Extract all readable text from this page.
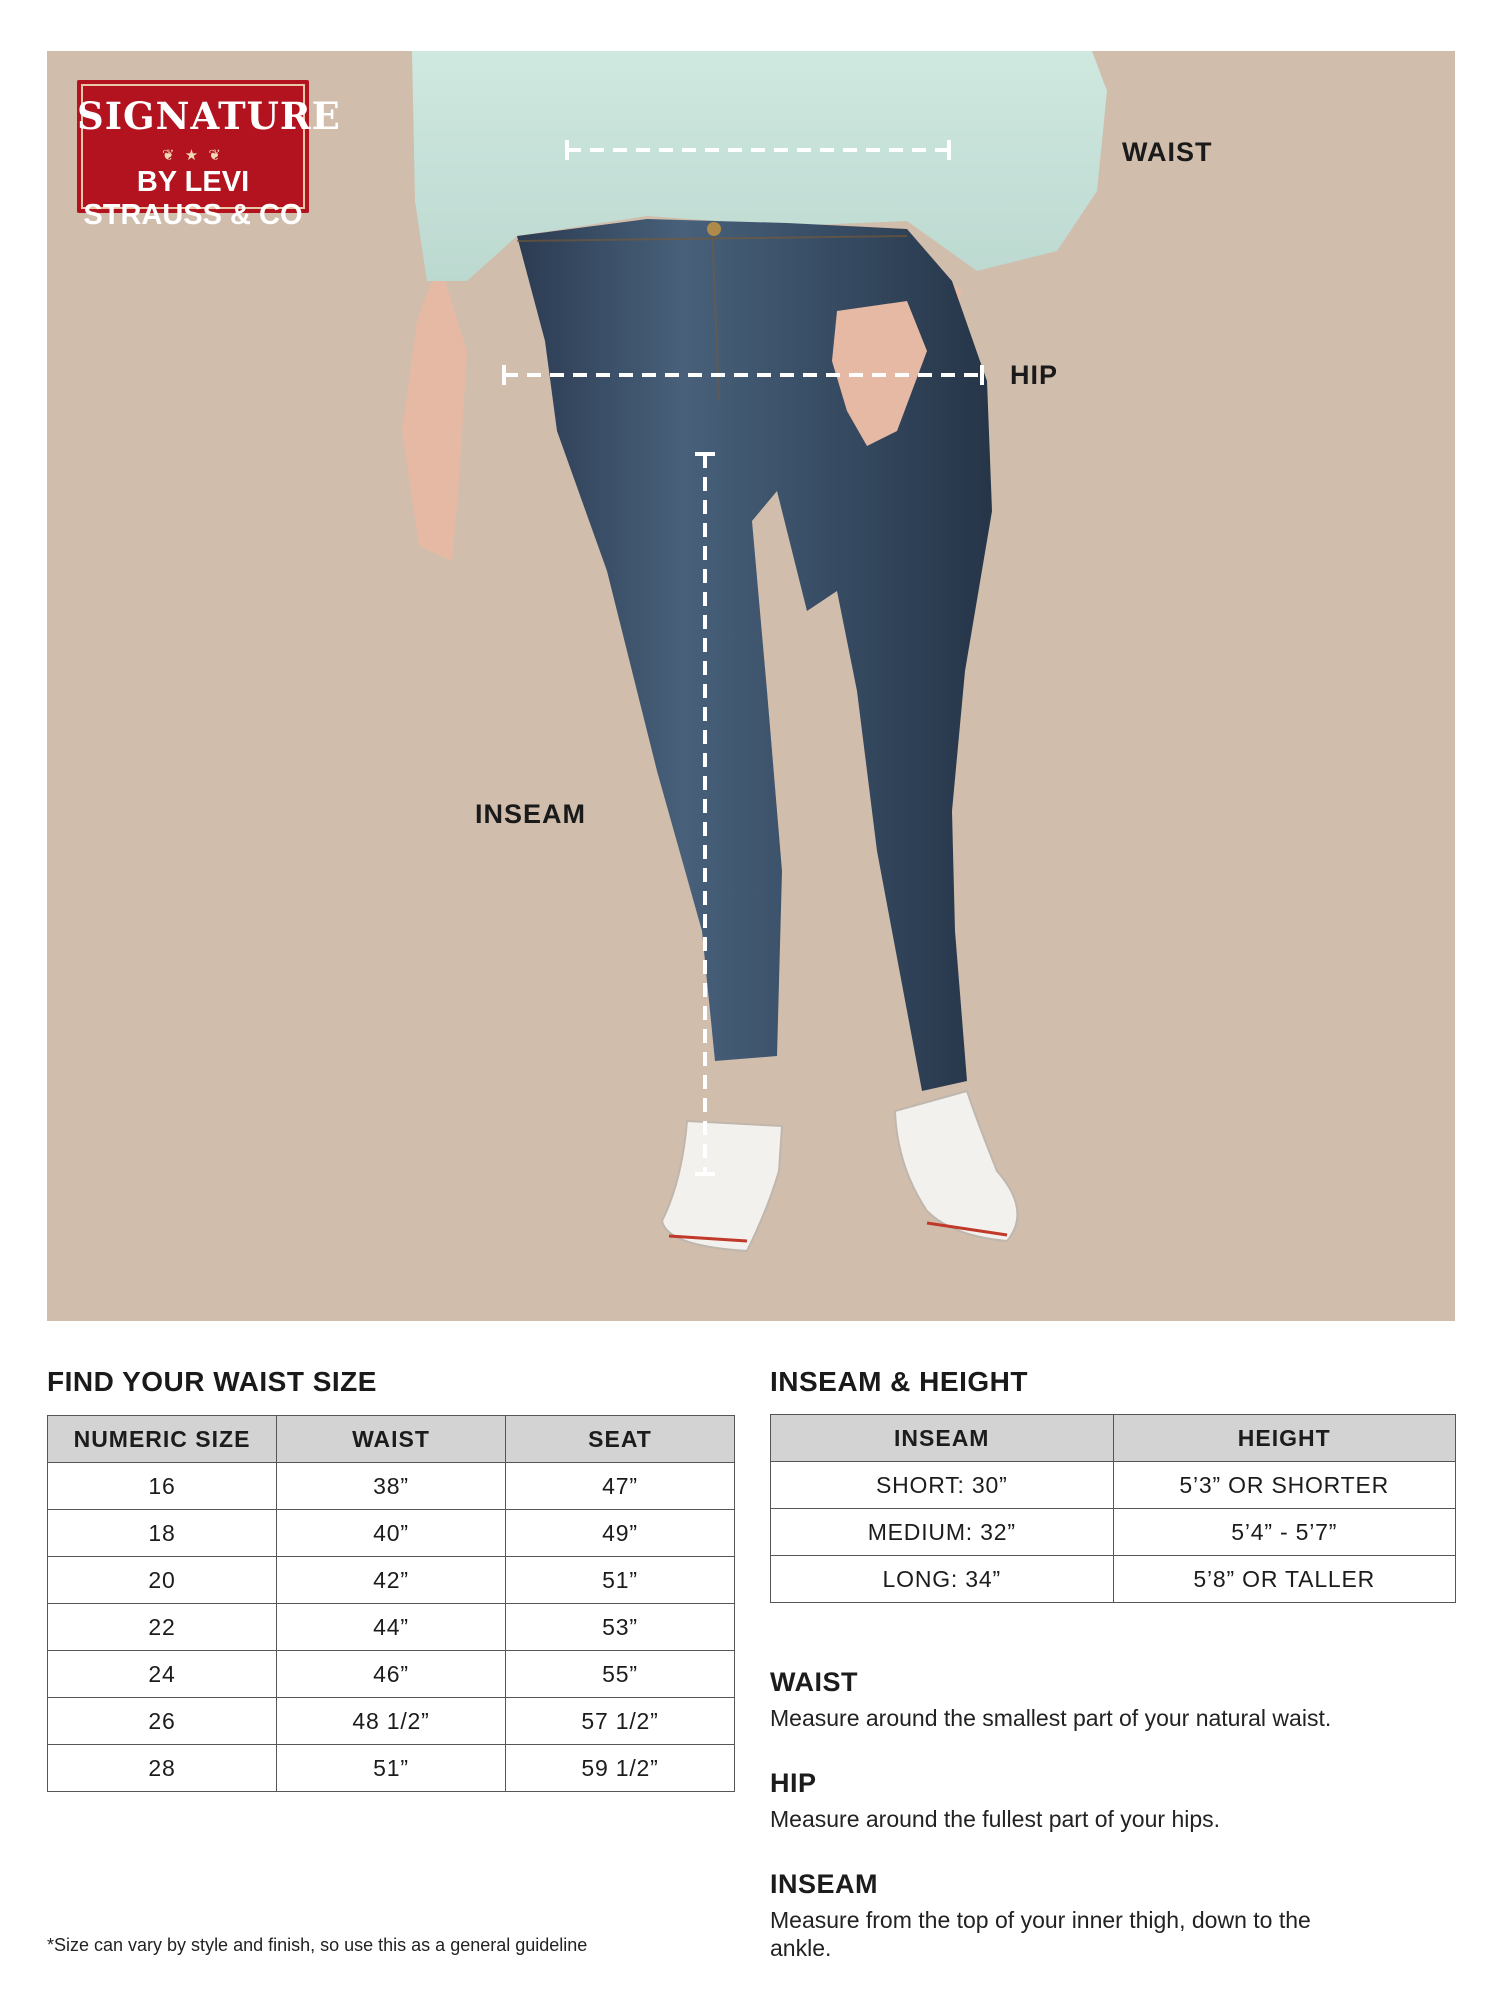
SIGNATURE
❦ ★ ❦
BY LEVI STRAUSS & CO
WAIST
HIP
INSEAM
FIND YOUR WAIST SIZE
NUMERIC SIZE	WAIST	SEAT
16	38”	47”
18	40”	49”
20	42”	51”
22	44”	53”
24	46”	55”
26	48 1/2”	57 1/2”
28	51”	59 1/2”
INSEAM & HEIGHT
INSEAM	HEIGHT
SHORT: 30”	5’3” OR SHORTER
MEDIUM: 32”	5’4” - 5’7”
LONG: 34”	5’8” OR TALLER
WAIST

Measure around the smallest part of your natural waist.

HIP

Measure around the fullest part of your hips.

INSEAM

Measure from the top of your inner thigh, down to the ankle.

*Size can vary by style and finish, so use this as a general guideline
